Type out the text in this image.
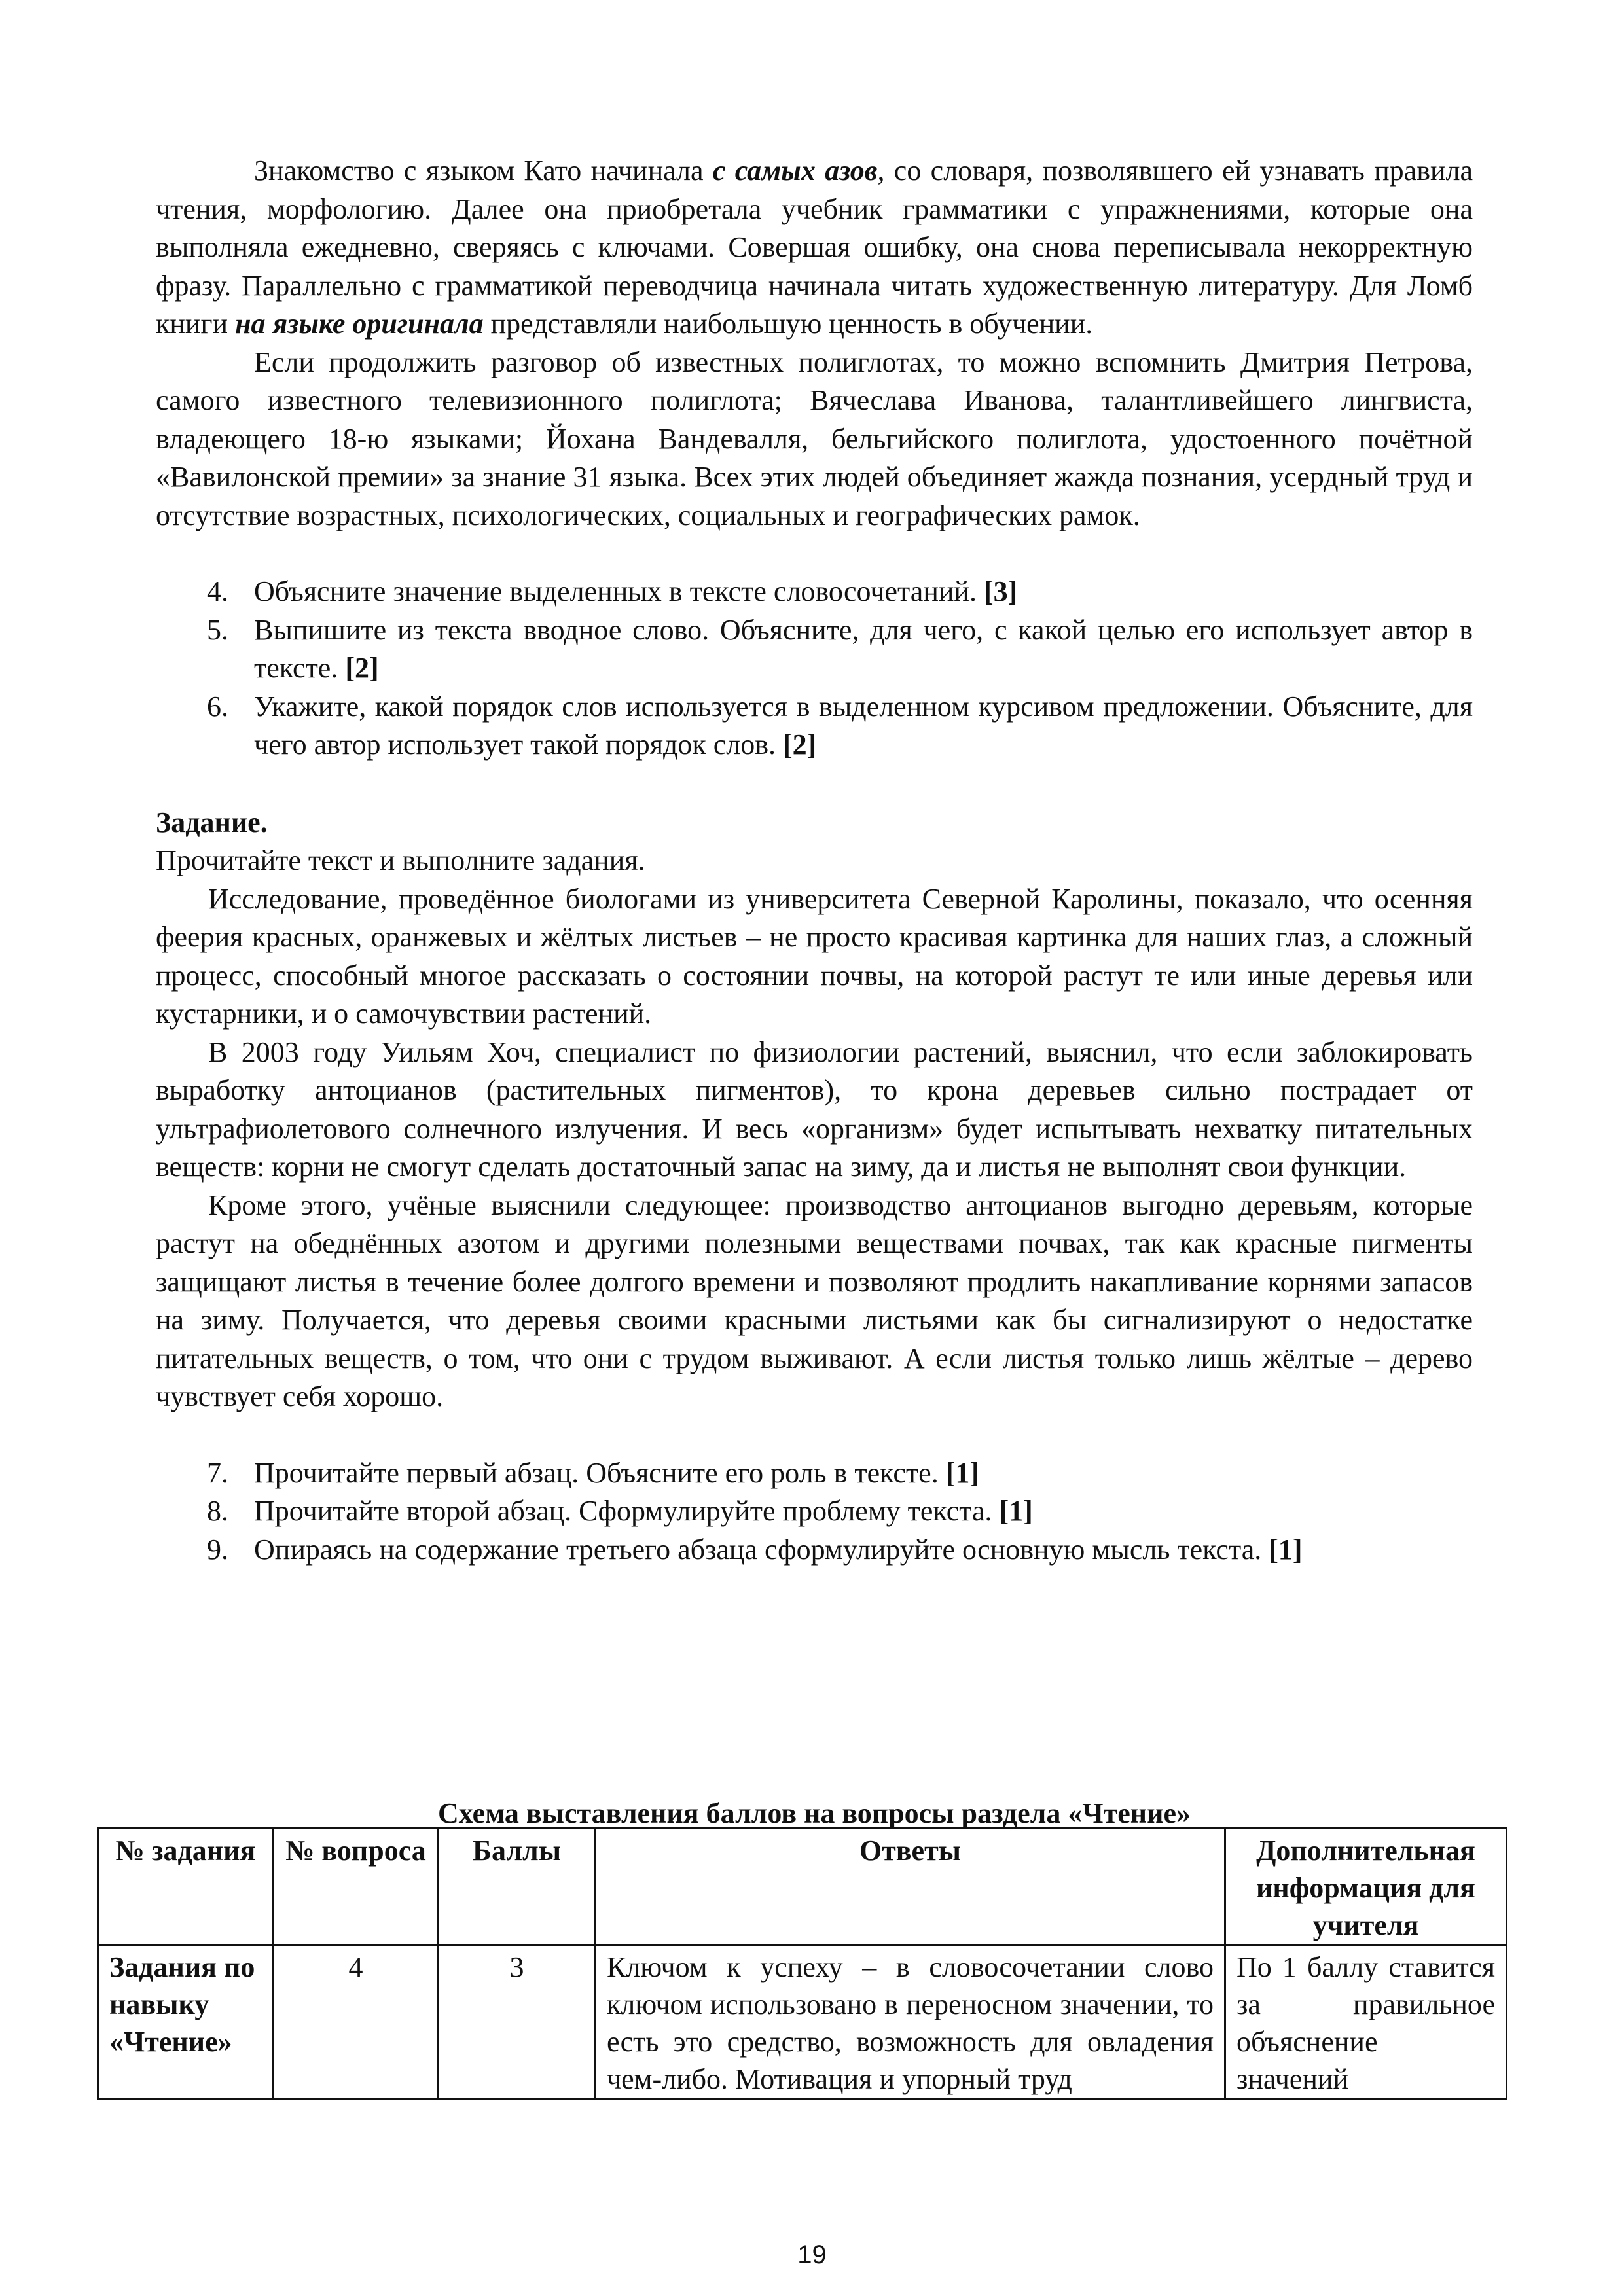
Знакомство с языком Като начинала с самых азов, со словаря, позволявшего ей узнавать правила чтения, морфологию. Далее она приобретала учебник грамматики с упражнениями, которые она выполняла ежедневно, сверяясь с ключами. Совершая ошибку, она снова переписывала некорректную фразу. Параллельно с грамматикой переводчица начинала читать художественную литературу. Для Ломб книги на языке оригинала представляли наибольшую ценность в обучении.

Если продолжить разговор об известных полиглотах, то можно вспомнить Дмитрия Петрова, самого известного телевизионного полиглота; Вячеслава Иванова, талантливейшего лингвиста, владеющего 18-ю языками; Йохана Вандевалля, бельгийского полиглота, удостоенного почётной «Вавилонской премии» за знание 31 языка. Всех этих людей объединяет жажда познания, усердный труд и отсутствие возрастных, психологических, социальных и географических рамок.

4. Объясните значение выделенных в тексте словосочетаний. [3]
5. Выпишите из текста вводное слово. Объясните, для чего, с какой целью его использует автор в тексте. [2]
6. Укажите, какой порядок слов используется в выделенном курсивом предложении. Объясните, для чего автор использует такой порядок слов. [2]

Задание.

Прочитайте текст и выполните задания.

Исследование, проведённое биологами из университета Северной Каролины, показало, что осенняя феерия красных, оранжевых и жёлтых листьев – не просто красивая картинка для наших глаз, а сложный процесс, способный многое рассказать о состоянии почвы, на которой растут те или иные деревья или кустарники, и о самочувствии растений.

В 2003 году Уильям Хоч, специалист по физиологии растений, выяснил, что если заблокировать выработку антоцианов (растительных пигментов), то крона деревьев сильно пострадает от ультрафиолетового солнечного излучения. И весь «организм» будет испытывать нехватку питательных веществ: корни не смогут сделать достаточный запас на зиму, да и листья не выполнят свои функции.

Кроме этого, учёные выяснили следующее: производство антоцианов выгодно деревьям, которые растут на обеднённых азотом и другими полезными веществами почвах, так как красные пигменты защищают листья в течение более долгого времени и позволяют продлить накапливание корнями запасов на зиму. Получается, что деревья своими красными листьями как бы сигнализируют о недостатке питательных веществ, о том, что они с трудом выживают. А если листья только лишь жёлтые – дерево чувствует себя хорошо.

7. Прочитайте первый абзац. Объясните его роль в тексте. [1]
8. Прочитайте второй абзац. Сформулируйте проблему текста. [1]
9. Опираясь на содержание третьего абзаца сформулируйте основную мысль текста. [1]
Схема выставления баллов на вопросы раздела «Чтение»
№ задания	№ вопроса	Баллы	Ответы	Дополнительная информация для учителя
Задания по навыку «Чтение»	4	3	Ключом к успеху – в словосочетании слово ключом использовано в переносном значении, то есть это средство, возможность для овладения чем-либо. Мотивация и упорный труд	По 1 баллу ставится за правильное объяснение значений
19
